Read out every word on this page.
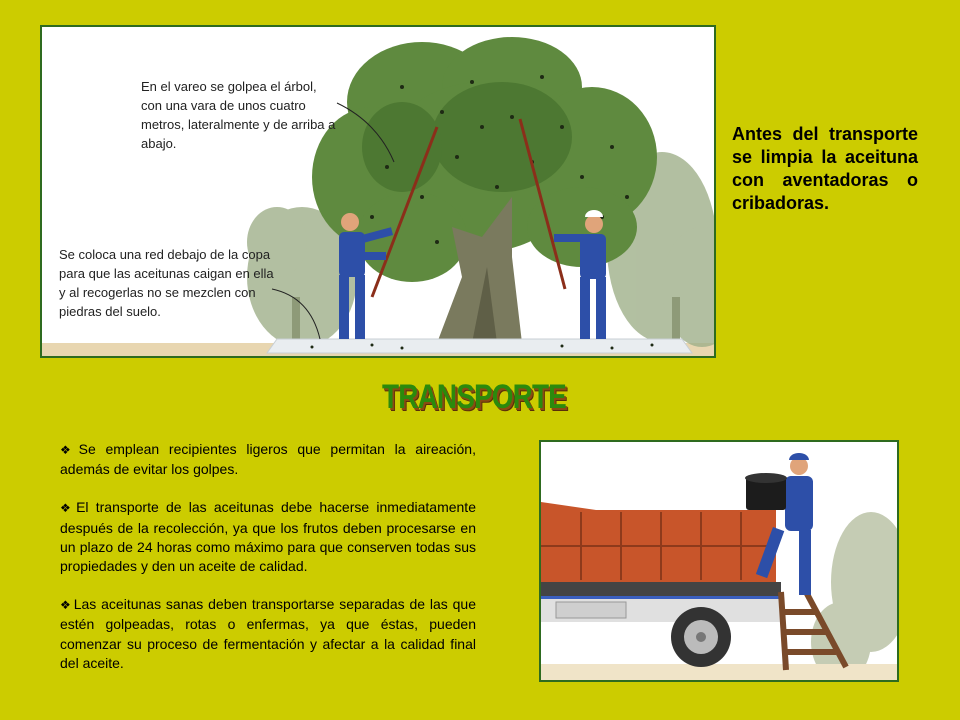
En el vareo se golpea el árbol, con una vara de unos cuatro metros, lateralmente y de arriba a abajo.
Se coloca una red debajo de la copa para que las aceitunas caigan en ella y al recogerlas no se mezclen con piedras del suelo.
Antes del transporte se limpia la aceituna con aventadoras o cribadoras.
TRANSPORTE

❖ Se emplean recipientes ligeros que permitan la aireación, además de evitar los golpes.

❖ El transporte de las aceitunas debe hacerse inmediatamente después de la recolección, ya que los frutos deben procesarse en un plazo de 24 horas como máximo para que conserven todas sus propiedades y den un aceite de calidad.

❖ Las aceitunas sanas deben transportarse separadas de las que estén golpeadas, rotas o enfermas, ya que éstas, pueden comenzar su proceso de fermentación y afectar a la calidad final del aceite.
